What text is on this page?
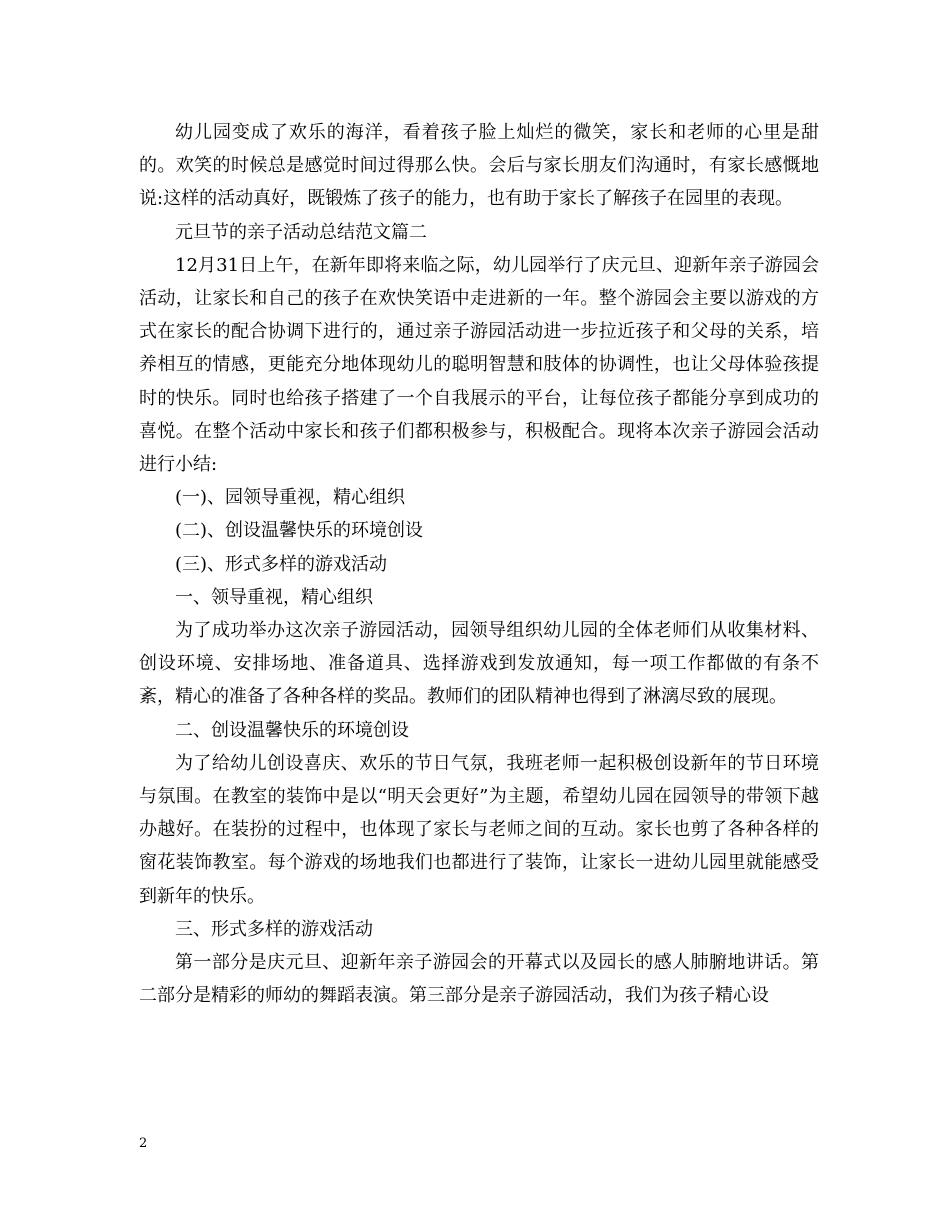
幼儿园变成了欢乐的海洋，看着孩子脸上灿烂的微笑，家长和老师的心里是甜的。欢笑的时候总是感觉时间过得那么快。会后与家长朋友们沟通时，有家长感慨地说:这样的活动真好，既锻炼了孩子的能力，也有助于家长了解孩子在园里的表现。

元旦节的亲子活动总结范文篇二

12月31日上午，在新年即将来临之际，幼儿园举行了庆元旦、迎新年亲子游园会活动，让家长和自己的孩子在欢快笑语中走进新的一年。整个游园会主要以游戏的方式在家长的配合协调下进行的，通过亲子游园活动进一步拉近孩子和父母的关系，培养相互的情感，更能充分地体现幼儿的聪明智慧和肢体的协调性，也让父母体验孩提时的快乐。同时也给孩子搭建了一个自我展示的平台，让每位孩子都能分享到成功的喜悦。在整个活动中家长和孩子们都积极参与，积极配合。现将本次亲子游园会活动进行小结:

(一)、园领导重视，精心组织

(二)、创设温馨快乐的环境创设

(三)、形式多样的游戏活动

一、领导重视，精心组织

为了成功举办这次亲子游园活动，园领导组织幼儿园的全体老师们从收集材料、创设环境、安排场地、准备道具、选择游戏到发放通知，每一项工作都做的有条不紊，精心的准备了各种各样的奖品。教师们的团队精神也得到了淋漓尽致的展现。

二、创设温馨快乐的环境创设

为了给幼儿创设喜庆、欢乐的节日气氛，我班老师一起积极创设新年的节日环境与氛围。在教室的装饰中是以“明天会更好”为主题，希望幼儿园在园领导的带领下越办越好。在装扮的过程中，也体现了家长与老师之间的互动。家长也剪了各种各样的窗花装饰教室。每个游戏的场地我们也都进行了装饰，让家长一进幼儿园里就能感受到新年的快乐。

三、形式多样的游戏活动

第一部分是庆元旦、迎新年亲子游园会的开幕式以及园长的感人肺腑地讲话。第二部分是精彩的师幼的舞蹈表演。第三部分是亲子游园活动，我们为孩子精心设

2
